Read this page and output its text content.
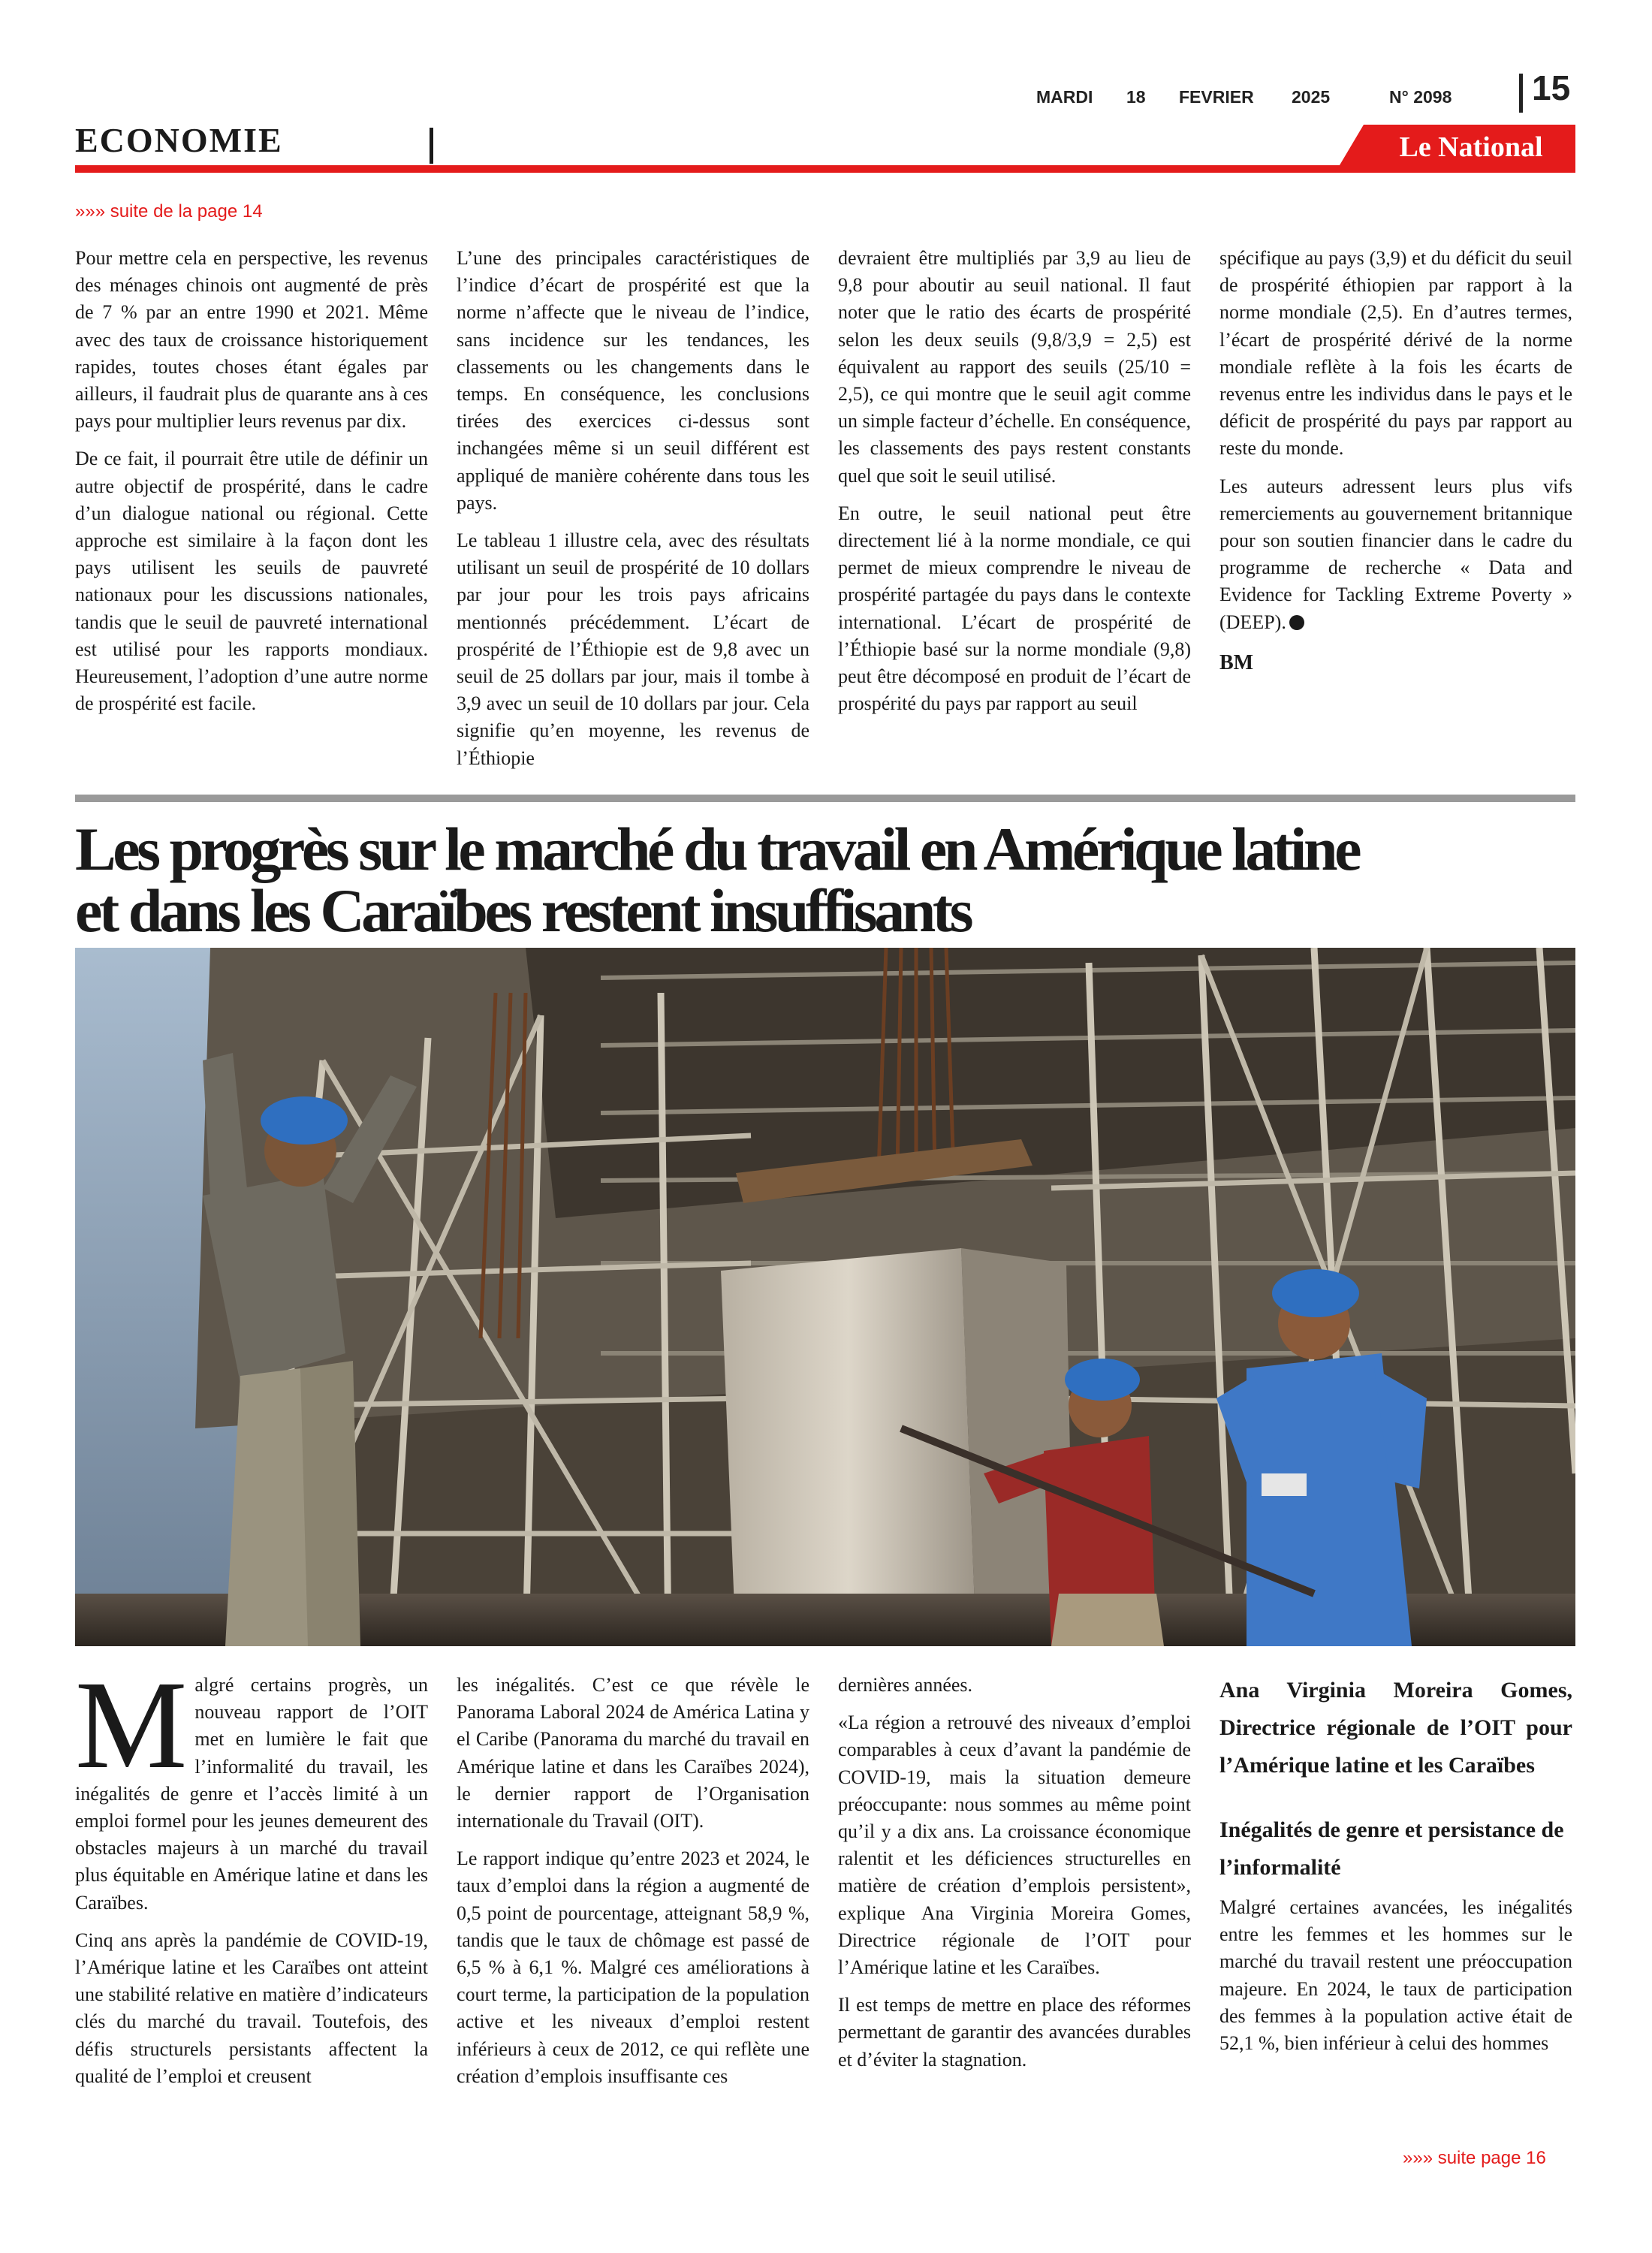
MARDI 18 FEVRIER 2025	N° 2098 15
ECONOMIE	Le National
»»» suite de la page 14

Pour mettre cela en perspective, les revenus des ménages chinois ont augmenté de près de 7 % par an entre 1990 et 2021. Même avec des taux de croissance historiquement rapides, toutes choses étant égales par ailleurs, il faudrait plus de quarante ans à ces pays pour multiplier leurs revenus par dix.

De ce fait, il pourrait être utile de définir un autre objectif de prospérité, dans le cadre d’un dialogue national ou régional. Cette approche est similaire à la façon dont les pays utilisent les seuils de pauvreté nationaux pour les discussions nationales, tandis que le seuil de pauvreté international est utilisé pour les rapports mondiaux. Heureusement, l’adoption d’une autre norme de prospérité est facile.

L’une des principales caractéristiques de l’indice d’écart de prospérité est que la norme n’affecte que le niveau de l’indice, sans incidence sur les tendances, les classements ou les changements dans le temps. En conséquence, les conclusions tirées des exercices ci-dessus sont inchangées même si un seuil différent est appliqué de manière cohérente dans tous les pays.

Le tableau 1 illustre cela, avec des résultats utilisant un seuil de prospérité de 10 dollars par jour pour les trois pays africains mentionnés précédemment. L’écart de prospérité de l’Éthiopie est de 9,8 avec un seuil de 25 dollars par jour, mais il tombe à 3,9 avec un seuil de 10 dollars par jour. Cela signifie qu’en moyenne, les revenus de l’Éthiopie

devraient être multipliés par 3,9 au lieu de 9,8 pour aboutir au seuil national. Il faut noter que le ratio des écarts de prospérité selon les deux seuils (9,8/3,9 = 2,5) est équivalent au rapport des seuils (25/10 = 2,5), ce qui montre que le seuil agit comme un simple facteur d’échelle. En conséquence, les classements des pays restent constants quel que soit le seuil utilisé.

En outre, le seuil national peut être directement lié à la norme mondiale, ce qui permet de mieux comprendre le niveau de prospérité partagée du pays dans le contexte international. L’écart de prospérité de l’Éthiopie basé sur la norme mondiale (9,8) peut être décomposé en produit de l’écart de prospérité du pays par rapport au seuil

spécifique au pays (3,9) et du déficit du seuil de prospérité éthiopien par rapport à la norme mondiale (2,5). En d’autres termes, l’écart de prospérité dérivé de la norme mondiale reflète à la fois les écarts de revenus entre les individus dans le pays et le déficit de prospérité du pays par rapport au reste du monde.

Les auteurs adressent leurs plus vifs remerciements au gouvernement britannique pour son soutien financier dans le cadre du programme de recherche « Data and Evidence for Tackling Extreme Poverty » (DEEP).

BM
Les progrès sur le marché du travail en Amérique latine
et dans les Caraïbes restent insuffisants

Malgré certains progrès, un nouveau rapport de l’OIT met en lumière le fait que l’informalité du travail, les inégalités de genre et l’accès limité à un emploi formel pour les jeunes demeurent des obstacles majeurs à un marché du travail plus équitable en Amérique latine et dans les Caraïbes.

Cinq ans après la pandémie de COVID-19, l’Amérique latine et les Caraïbes ont atteint une stabilité relative en matière d’indicateurs clés du marché du travail. Toutefois, des défis structurels persistants affectent la qualité de l’emploi et creusent

les inégalités. C’est ce que révèle le Panorama Laboral 2024 de América Latina y el Caribe (Panorama du marché du travail en Amérique latine et dans les Caraïbes 2024), le dernier rapport de l’Organisation internationale du Travail (OIT).

Le rapport indique qu’entre 2023 et 2024, le taux d’emploi dans la région a augmenté de 0,5 point de pourcentage, atteignant 58,9 %, tandis que le taux de chômage est passé de 6,5 % à 6,1 %. Malgré ces améliorations à court terme, la participation de la population active et les niveaux d’emploi restent inférieurs à ceux de 2012, ce qui reflète une création d’emplois insuffisante ces

dernières années.

«La région a retrouvé des niveaux d’emploi comparables à ceux d’avant la pandémie de COVID-19, mais la situation demeure préoccupante: nous sommes au même point qu’il y a dix ans. La croissance économique ralentit et les déficiences structurelles en matière de création d’emplois persistent», explique Ana Virginia Moreira Gomes, Directrice régionale de l’OIT pour l’Amérique latine et les Caraïbes.

Il est temps de mettre en place des réformes permettant de garantir des avancées durables et d’éviter la stagnation.

Ana Virginia Moreira Gomes, Directrice régionale de l’OIT pour l’Amérique latine et les Caraïbes
Inégalités de genre et persistance de l’informalité

Malgré certaines avancées, les inégalités entre les femmes et les hommes sur le marché du travail restent une préoccupation majeure. En 2024, le taux de participation des femmes à la population active était de 52,1 %, bien inférieur à celui des hommes

»»» suite page 16
